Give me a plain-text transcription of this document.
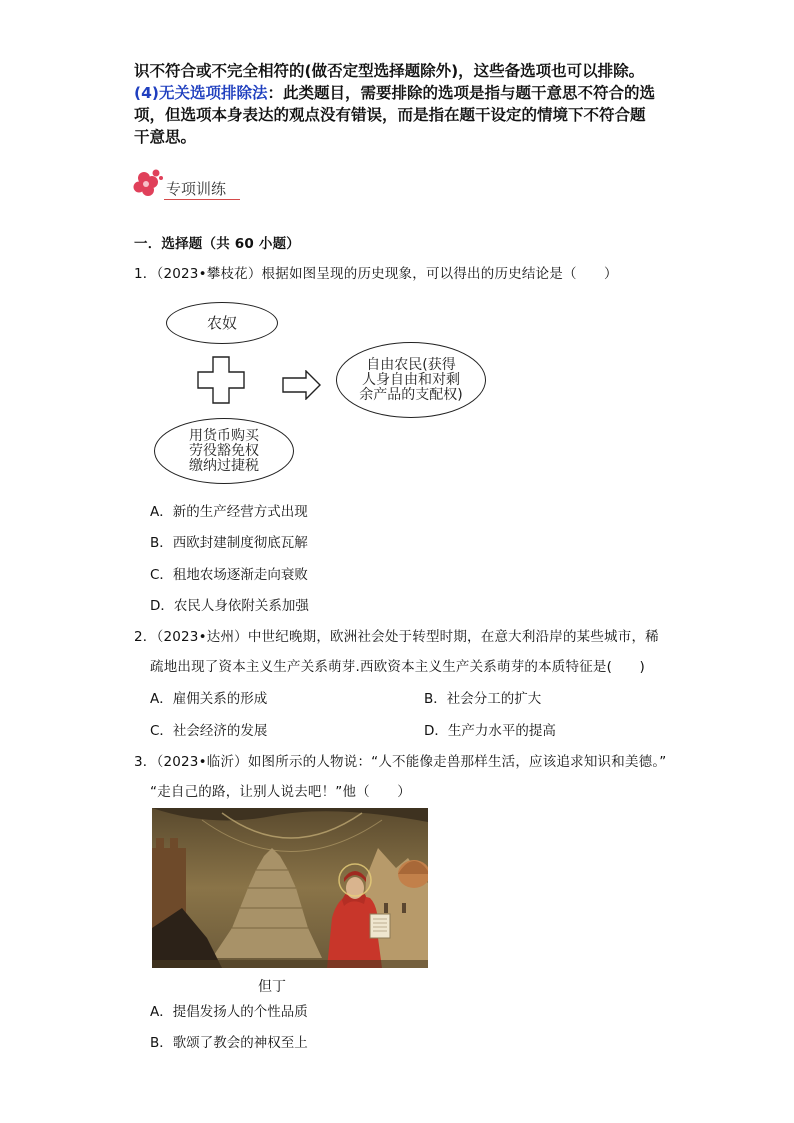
识不符合或不完全相符的(做否定型选择题除外)，这些备选项也可以排除。
(4)无关选项排除法：此类题目，需要排除的选项是指与题干意思不符合的选
项，但选项本身表达的观点没有错误，而是指在题干设定的情境下不符合题
干意思。
专项训练
一．选择题（共 60 小题）
1．（2023•攀枝花）根据如图呈现的历史现象，可以得出的历史结论是（　　）
农奴
自由农民(获得
人身自由和对剩
余产品的支配权)
用货币购买
劳役豁免权
缴纳过捷税
A．新的生产经营方式出现
B．西欧封建制度彻底瓦解
C．租地农场逐渐走向衰败
D．农民人身依附关系加强
2．（2023•达州）中世纪晚期，欧洲社会处于转型时期，在意大利沿岸的某些城市，稀
疏地出现了资本主义生产关系萌芽.西欧资本主义生产关系萌芽的本质特征是(　　)
A．雇佣关系的形成	B．社会分工的扩大
C．社会经济的发展	D．生产力水平的提高
3．（2023•临沂）如图所示的人物说：“人不能像走兽那样生活，应该追求知识和美德。”
“走自己的路，让别人说去吧！”他（　　）
但丁
A．提倡发扬人的个性品质
B．歌颂了教会的神权至上
